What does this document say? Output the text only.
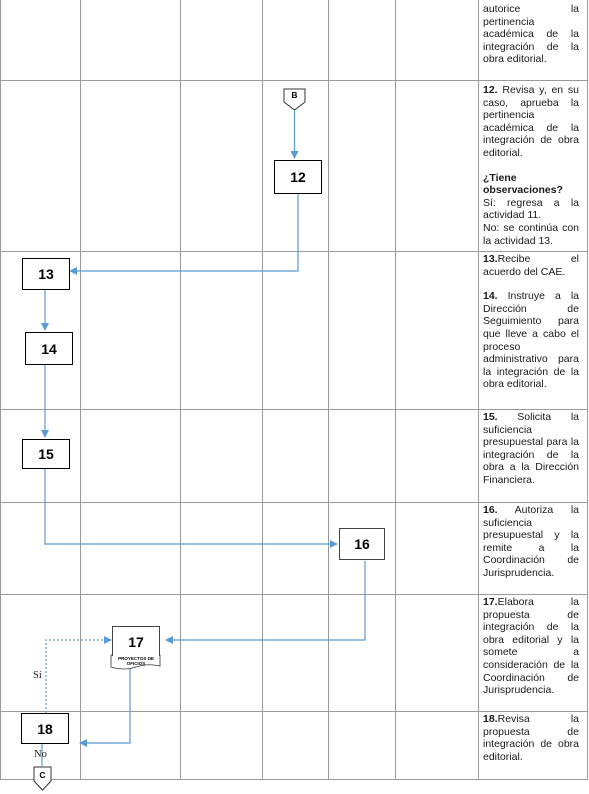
B
C
12
13
14
15
16
17
PROYECTOS DE OFICIOS
18
Sí
No
autorice la pertinencia académica de la integración de la obra editorial.
12. Revisa y, en su caso, aprueba la pertinencia académica de la integración de obra editorial.
¿Tiene observaciones?
Sí: regresa a la actividad 11.
No: se continúa con la actividad 13.
13.Recibe el acuerdo del CAE.
14. Instruye a la Dirección de Seguimiento para que lleve a cabo el proceso administrativo para la integración de la obra editorial.
15. Solicita la suficiencia presupuestal para la integración de la obra a la Dirección Financiera.
16. Autoriza la suficiencia presupuestal y la remite a la Coordinación de Jurisprudencia.
17.Elabora la propuesta de integración de la obra editorial y la somete a consideración de la Coordinación de Jurisprudencia.
18.Revisa la propuesta de integración de obra editorial.
